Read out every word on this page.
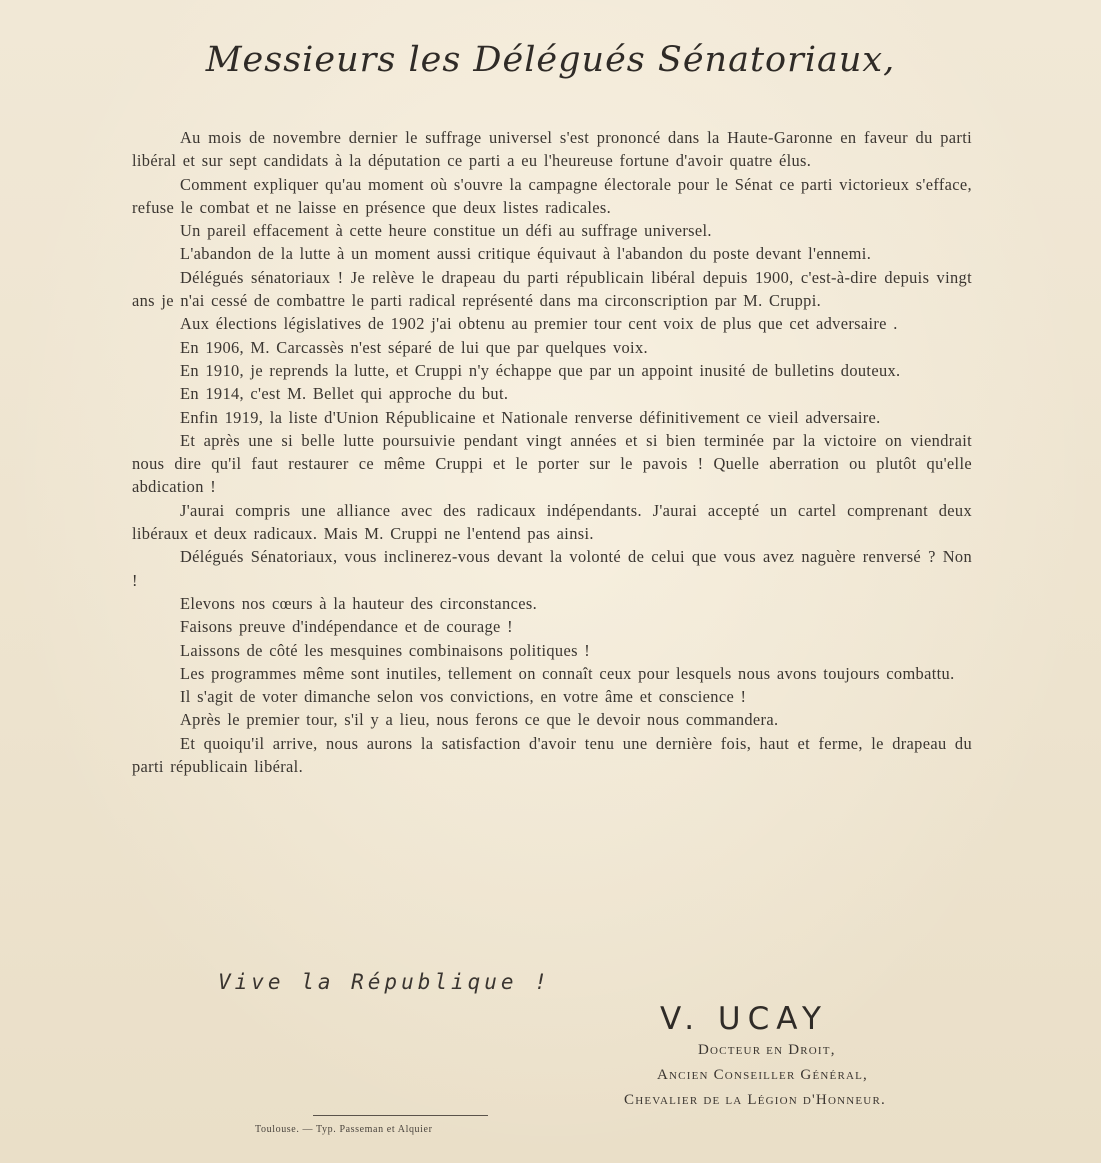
Messieurs les Délégués Sénatoriaux,

Au mois de novembre dernier le suffrage universel s'est prononcé dans la Haute-Garonne en faveur du parti libéral et sur sept candidats à la députation ce parti a eu l'heureuse fortune d'avoir quatre élus.

Comment expliquer qu'au moment où s'ouvre la campagne électorale pour le Sénat ce parti victorieux s'efface, refuse le combat et ne laisse en présence que deux listes radicales.

Un pareil effacement à cette heure constitue un défi au suffrage universel.

L'abandon de la lutte à un moment aussi critique équivaut à l'abandon du poste devant l'ennemi.

Délégués sénatoriaux ! Je relève le drapeau du parti républicain libéral depuis 1900, c'est-à-dire depuis vingt ans je n'ai cessé de combattre le parti radical représenté dans ma circonscription par M. Cruppi.

Aux élections législatives de 1902 j'ai obtenu au premier tour cent voix de plus que cet adversaire .

En 1906, M. Carcassès n'est séparé de lui que par quelques voix.

En 1910, je reprends la lutte, et Cruppi n'y échappe que par un appoint inusité de bulletins douteux.

En 1914, c'est M. Bellet qui approche du but.

Enfin 1919, la liste d'Union Républicaine et Nationale renverse définitivement ce vieil adversaire.

Et après une si belle lutte poursuivie pendant vingt années et si bien terminée par la victoire on viendrait nous dire qu'il faut restaurer ce même Cruppi et le porter sur le pavois ! Quelle aberration ou plutôt qu'elle abdication !

J'aurai compris une alliance avec des radicaux indépendants. J'aurai accepté un cartel comprenant deux libéraux et deux radicaux. Mais M. Cruppi ne l'entend pas ainsi.

Délégués Sénatoriaux, vous inclinerez-vous devant la volonté de celui que vous avez naguère renversé ? Non !

Elevons nos cœurs à la hauteur des circonstances.

Faisons preuve d'indépendance et de courage !

Laissons de côté les mesquines combinaisons politiques !

Les programmes même sont inutiles, tellement on connaît ceux pour lesquels nous avons toujours combattu.

Il s'agit de voter dimanche selon vos convictions, en votre âme et conscience !

Après le premier tour, s'il y a lieu, nous ferons ce que le devoir nous commandera.

Et quoiqu'il arrive, nous aurons la satisfaction d'avoir tenu une dernière fois, haut et ferme, le drapeau du parti républicain libéral.

Vive la République !
V. UCAY
Docteur en Droit,
Ancien Conseiller Général,
Chevalier de la Légion d'Honneur.
Toulouse. — Typ. Passeman et Alquier
